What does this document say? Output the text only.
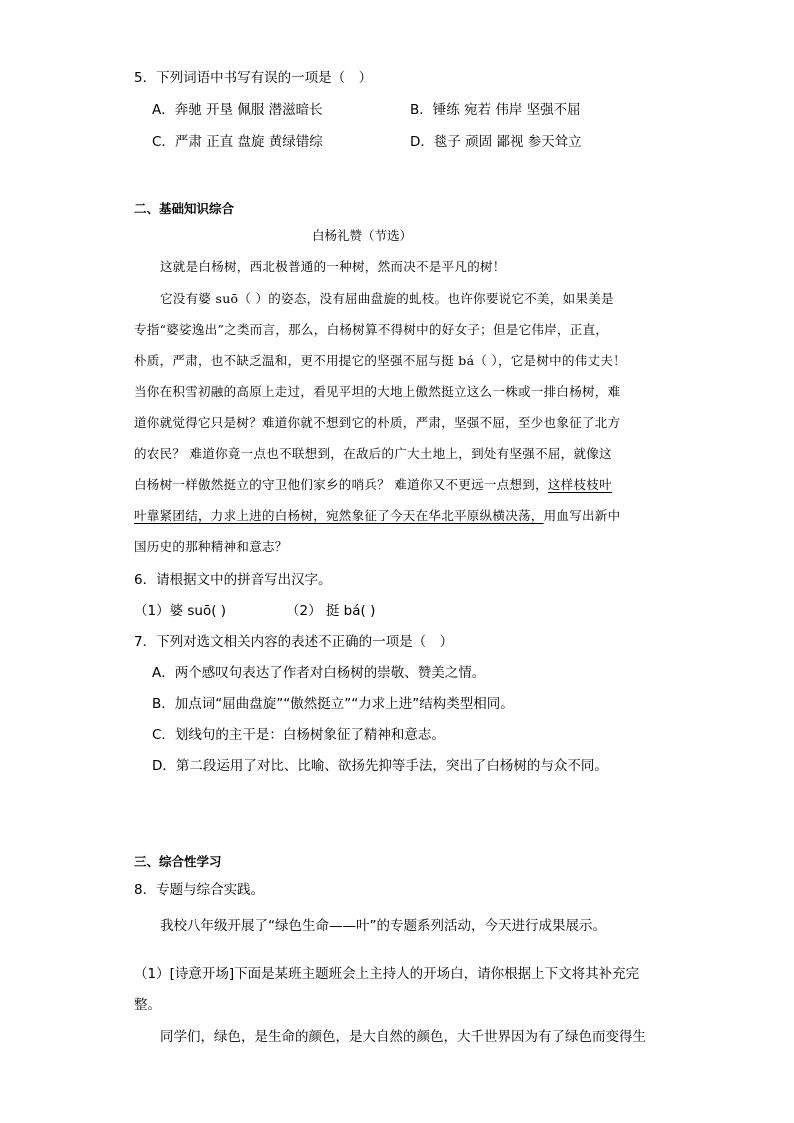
5．下列词语中书写有误的一项是（　）
A．奔驰 开垦 佩服 潜滋暗长	B．锤练 宛若 伟岸 坚强不屈
C．严肃 正直 盘旋 黄绿错综	D．毯子 顽固 鄙视 参天耸立
二、基础知识综合
白杨礼赞（节选）
这就是白杨树，西北极普通的一种树，然而决不是平凡的树！
它没有婆 suō（ ）的姿态，没有屈曲盘旋的虬枝。也许你要说它不美，如果美是
专指“婆娑逸出”之类而言，那么，白杨树算不得树中的好女子；但是它伟岸，正直，
朴质，严肃，也不缺乏温和，更不用提它的坚强不屈与挺 bá（ ），它是树中的伟丈夫！
当你在积雪初融的高原上走过，看见平坦的大地上傲然挺立这么一株或一排白杨树，难
道你就觉得它只是树？难道你就不想到它的朴质，严肃，坚强不屈，至少也象征了北方
的农民？ 难道你竟一点也不联想到，在敌后的广大土地上，到处有坚强不屈，就像这
白杨树一样傲然挺立的守卫他们家乡的哨兵？ 难道你又不更远一点想到，这样枝枝叶
叶靠紧团结，力求上进的白杨树，宛然象征了今天在华北平原纵横决荡，用血写出新中
国历史的那种精神和意志？
6．请根据文中的拼音写出汉字。
（1）婆 suō( )	（2） 挺 bá( )
7．下列对选文相关内容的表述不正确的一项是（　）
A．两个感叹句表达了作者对白杨树的崇敬、赞美之情。
B．加点词“屈曲盘旋”“傲然挺立”“力求上进”结构类型相同。
C．划线句的主干是：白杨树象征了精神和意志。
D．第二段运用了对比、比喻、欲扬先抑等手法，突出了白杨树的与众不同。
三、综合性学习
8．专题与综合实践。
我校八年级开展了“绿色生命——叶”的专题系列活动，今天进行成果展示。
（1）[诗意开场]下面是某班主题班会上主持人的开场白，请你根据上下文将其补充完
整。
同学们，绿色，是生命的颜色，是大自然的颜色，大千世界因为有了绿色而变得生
